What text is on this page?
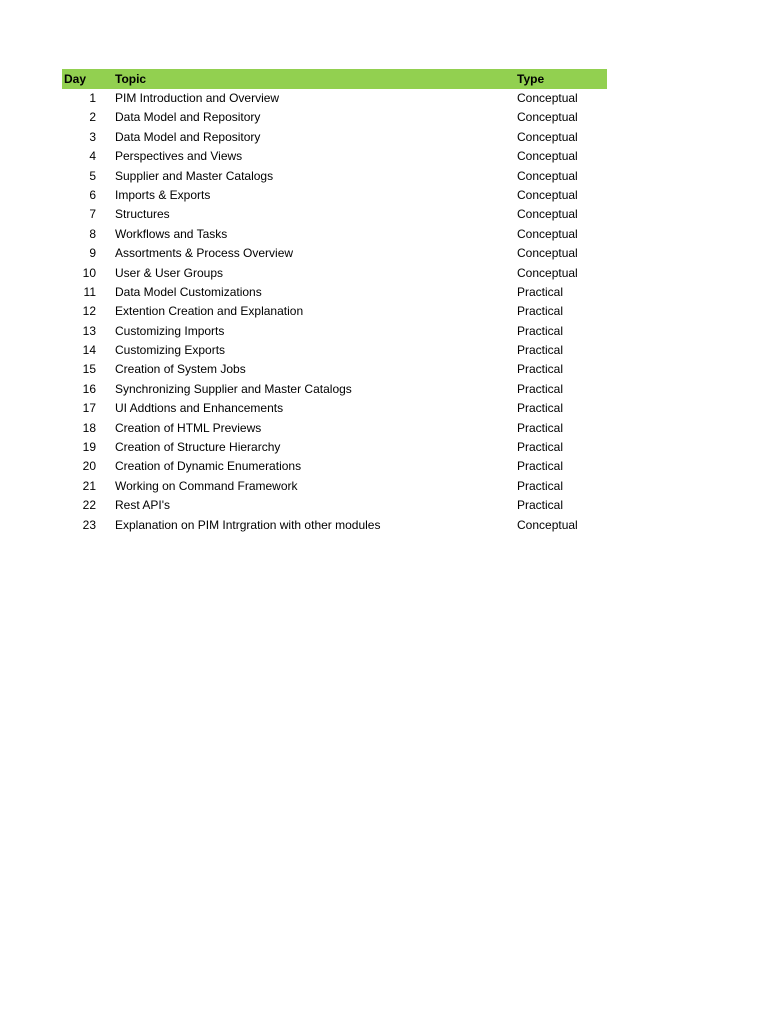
Day	Topic	Type
1	PIM Introduction and Overview	Conceptual
2	Data Model and Repository	Conceptual
3	Data Model and Repository	Conceptual
4	Perspectives and Views	Conceptual
5	Supplier and Master Catalogs	Conceptual
6	Imports & Exports	Conceptual
7	Structures	Conceptual
8	Workflows and Tasks	Conceptual
9	Assortments & Process Overview	Conceptual
10	User & User Groups	Conceptual
11	Data Model Customizations	Practical
12	Extention Creation and Explanation	Practical
13	Customizing Imports	Practical
14	Customizing Exports	Practical
15	Creation of System Jobs	Practical
16	Synchronizing Supplier and Master Catalogs	Practical
17	UI Addtions and Enhancements	Practical
18	Creation of HTML Previews	Practical
19	Creation of Structure Hierarchy	Practical
20	Creation of Dynamic Enumerations	Practical
21	Working on Command Framework	Practical
22	Rest API's	Practical
23	Explanation on PIM Intrgration with other modules	Conceptual
